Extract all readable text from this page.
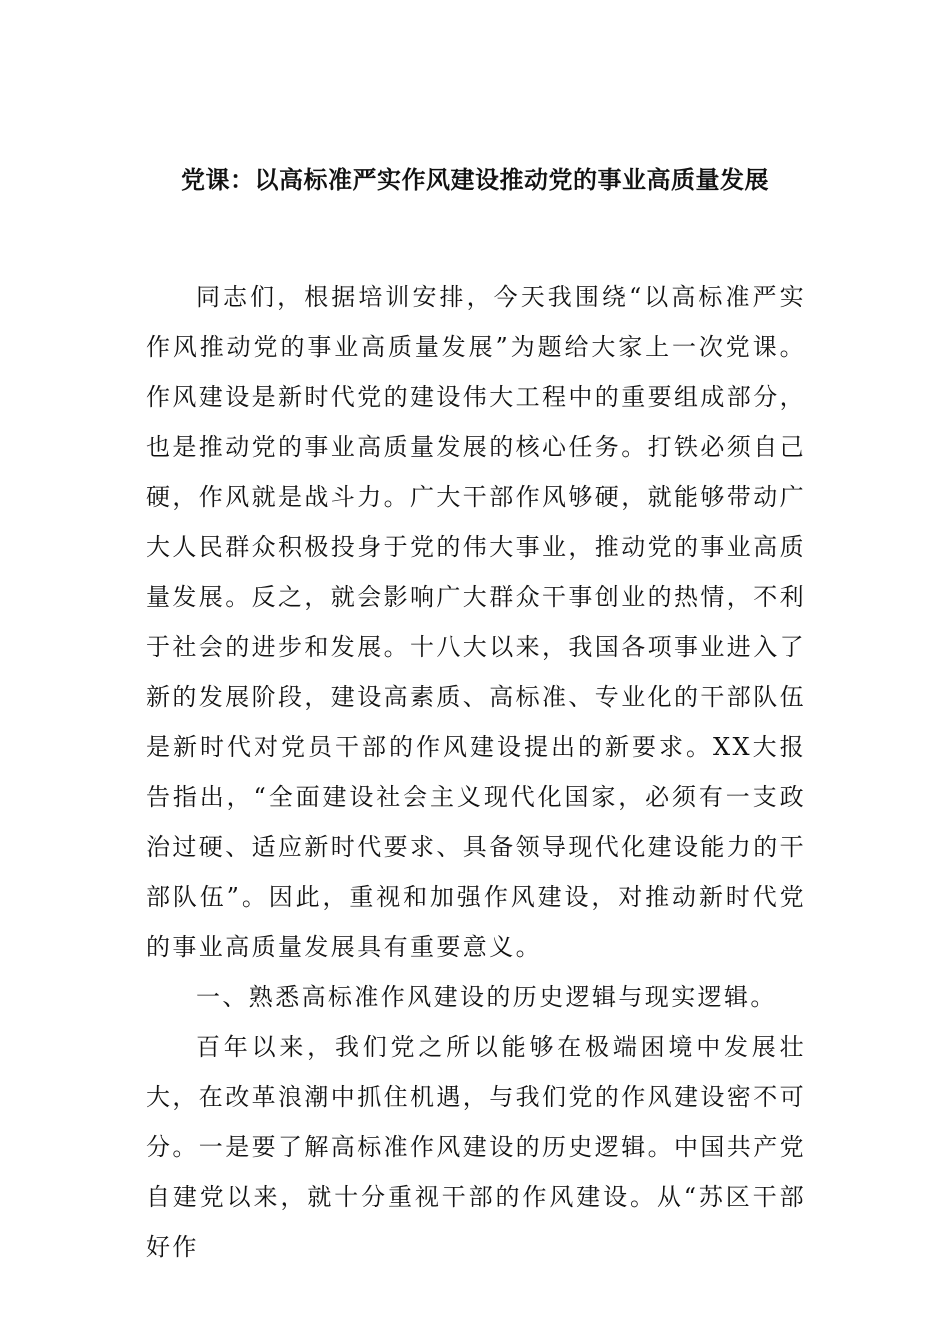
党课：以高标准严实作风建设推动党的事业高质量发展

同志们，根据培训安排，今天我围绕“以高标准严实作风推动党的事业高质量发展”为题给大家上一次党课。作风建设是新时代党的建设伟大工程中的重要组成部分，也是推动党的事业高质量发展的核心任务。打铁必须自己硬，作风就是战斗力。广大干部作风够硬，就能够带动广大人民群众积极投身于党的伟大事业，推动党的事业高质量发展。反之，就会影响广大群众干事创业的热情，不利于社会的进步和发展。十八大以来，我国各项事业进入了新的发展阶段，建设高素质、高标准、专业化的干部队伍是新时代对党员干部的作风建设提出的新要求。XX大报告指出，“全面建设社会主义现代化国家，必须有一支政治过硬、适应新时代要求、具备领导现代化建设能力的干部队伍”。因此，重视和加强作风建设，对推动新时代党的事业高质量发展具有重要意义。

一、熟悉高标准作风建设的历史逻辑与现实逻辑。

百年以来，我们党之所以能够在极端困境中发展壮大，在改革浪潮中抓住机遇，与我们党的作风建设密不可分。一是要了解高标准作风建设的历史逻辑。中国共产党自建党以来，就十分重视干部的作风建设。从“苏区干部好作
